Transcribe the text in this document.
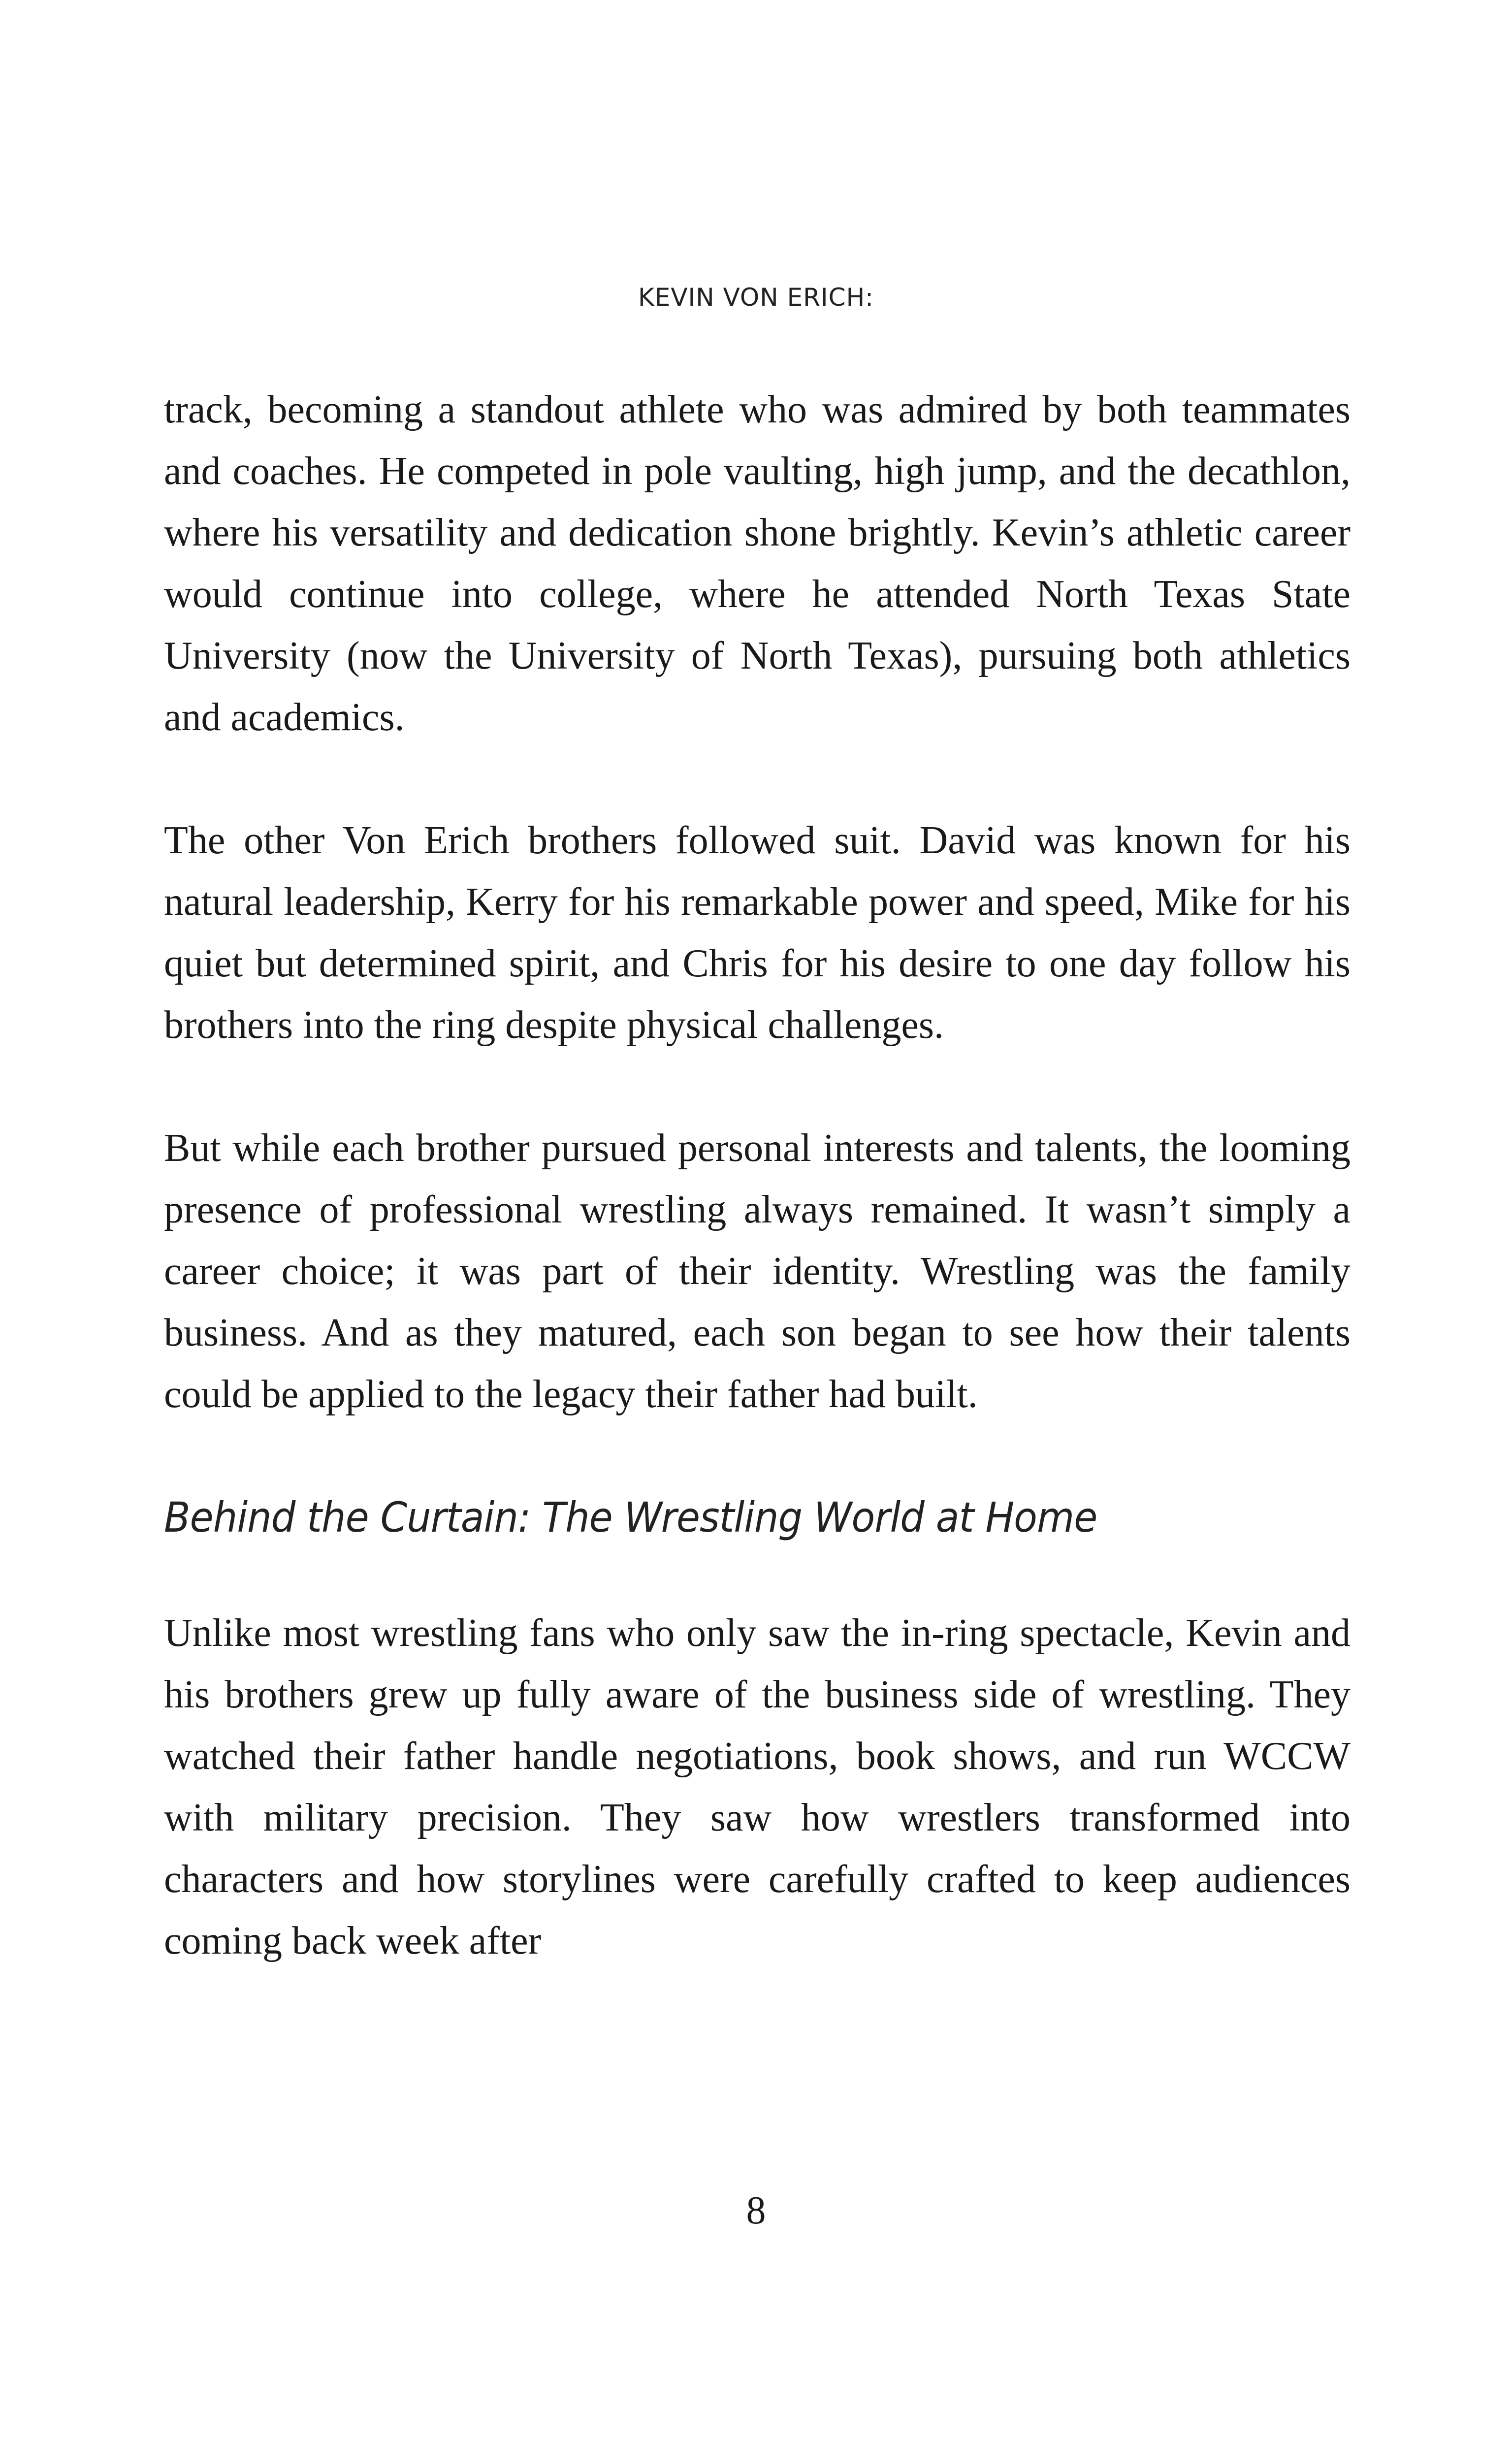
KEVIN VON ERICH:

track, becoming a standout athlete who was admired by both teammates and coaches. He competed in pole vaulting, high jump, and the decathlon, where his versatility and dedication shone brightly. Kevin’s athletic career would continue into college, where he attended North Texas State University (now the University of North Texas), pursuing both athletics and academics.

The other Von Erich brothers followed suit. David was known for his natural leadership, Kerry for his remarkable power and speed, Mike for his quiet but determined spirit, and Chris for his desire to one day follow his brothers into the ring despite physical challenges.

But while each brother pursued personal interests and talents, the looming presence of professional wrestling always remained. It wasn’t simply a career choice; it was part of their identity. Wrestling was the family business. And as they matured, each son began to see how their talents could be applied to the legacy their father had built.

Behind the Curtain: The Wrestling World at Home

Unlike most wrestling fans who only saw the in-ring spectacle, Kevin and his brothers grew up fully aware of the business side of wrestling. They watched their father handle negotiations, book shows, and run WCCW with military precision. They saw how wrestlers transformed into characters and how storylines were carefully crafted to keep audiences coming back week after

8
